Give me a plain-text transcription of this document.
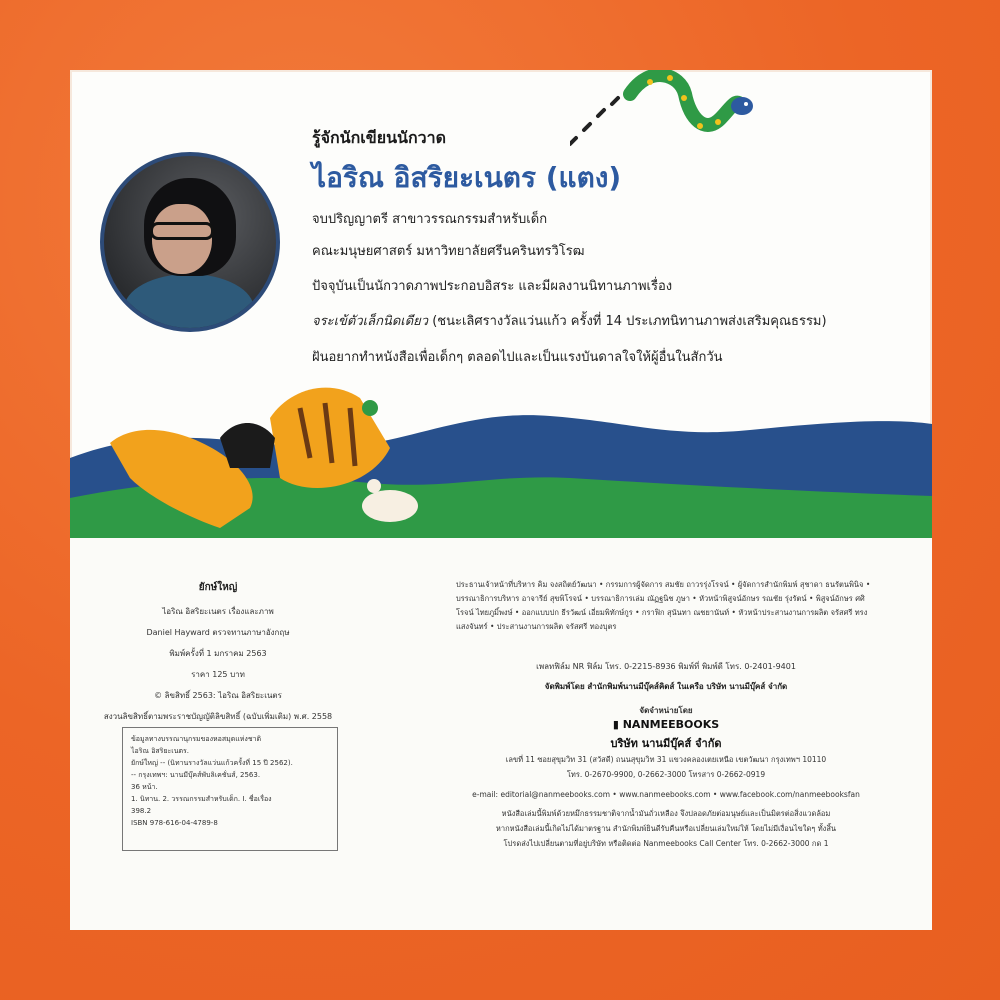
รู้จักนักเขียนนักวาด
ไอริณ อิสริยะเนตร (แตง)
จบปริญญาตรี สาขาวรรณกรรมสำหรับเด็ก
คณะมนุษยศาสตร์ มหาวิทยาลัยศรีนครินทรวิโรฒ
ปัจจุบันเป็นนักวาดภาพประกอบอิสระ และมีผลงานนิทานภาพเรื่อง
จระเข้ตัวเล็กนิดเดียว (ชนะเลิศรางวัลแว่นแก้ว ครั้งที่ 14 ประเภทนิทานภาพส่งเสริมคุณธรรม)
ฝันอยากทำหนังสือเพื่อเด็กๆ ตลอดไปและเป็นแรงบันดาลใจให้ผู้อื่นในสักวัน
ยักษ์ใหญ่
ไอริณ อิสริยะเนตร เรื่องและภาพ
Daniel Hayward ตรวจทานภาษาอังกฤษ
พิมพ์ครั้งที่ 1 มกราคม 2563
ราคา 125 บาท
© ลิขสิทธิ์ 2563: ไอริณ อิสริยะเนตร
สงวนลิขสิทธิ์ตามพระราชบัญญัติลิขสิทธิ์ (ฉบับเพิ่มเติม) พ.ศ. 2558
ข้อมูลทางบรรณานุกรมของหอสมุดแห่งชาติ
ไอริณ อิสริยะเนตร.
ยักษ์ใหญ่ -- (นิทานรางวัลแว่นแก้วครั้งที่ 15 ปี 2562).
-- กรุงเทพฯ: นานมีบุ๊คส์พับลิเคชั่นส์, 2563.
36 หน้า.
1. นิทาน. 2. วรรณกรรมสำหรับเด็ก. I. ชื่อเรื่อง
398.2
ISBN 978-616-04-4789-8
ประธานเจ้าหน้าที่บริหาร คิม จงสถิตย์วัฒนา • กรรมการผู้จัดการ สมชัย ถาวรรุ่งโรจน์ • ผู้จัดการสำนักพิมพ์ สุชาดา ธนรัตนพินิจ • บรรณาธิการบริหาร อาจารีย์ สุขพิโรจน์ • บรรณาธิการเล่ม ณัฏฐนิช ภูษา • หัวหน้าพิสูจน์อักษร รณชัย รุ่งรัตน์ • พิสูจน์อักษร ศศิโรจน์ ไทยภูมิ์พงษ์ • ออกแบบปก ธีรวัฒน์ เอี่ยมพิทักษ์กูร • กราฟิก สุนันทา ณชยานันท์ • หัวหน้าประสานงานการผลิต จรัสศรี ทรงแสงจันทร์ • ประสานงานการผลิต จรัสศรี ทองบุตร
เพลทฟิล์ม NR ฟิล์ม โทร. 0-2215-8936 พิมพ์ที่ พิมพ์ดี โทร. 0-2401-9401
จัดพิมพ์โดย สำนักพิมพ์นานมีบุ๊คส์คิดส์ ในเครือ บริษัท นานมีบุ๊คส์ จำกัด
จัดจำหน่ายโดย
▮ NANMEEBOOKS
บริษัท นานมีบุ๊คส์ จำกัด
เลขที่ 11 ซอยสุขุมวิท 31 (สวัสดี) ถนนสุขุมวิท 31 แขวงคลองเตยเหนือ เขตวัฒนา กรุงเทพฯ 10110
โทร. 0-2670-9900, 0-2662-3000 โทรสาร 0-2662-0919
e-mail: editorial@nanmeebooks.com • www.nanmeebooks.com • www.facebook.com/nanmeebooksfan
หนังสือเล่มนี้พิมพ์ด้วยหมึกธรรมชาติจากน้ำมันถั่วเหลือง จึงปลอดภัยต่อมนุษย์และเป็นมิตรต่อสิ่งแวดล้อม
หากหนังสือเล่มนี้เกิดไม่ได้มาตรฐาน สำนักพิมพ์ยินดีรับคืนหรือเปลี่ยนเล่มใหม่ให้ โดยไม่มีเงื่อนไขใดๆ ทั้งสิ้น
โปรดส่งไปเปลี่ยนตามที่อยู่บริษัท หรือติดต่อ Nanmeebooks Call Center โทร. 0-2662-3000 กด 1
